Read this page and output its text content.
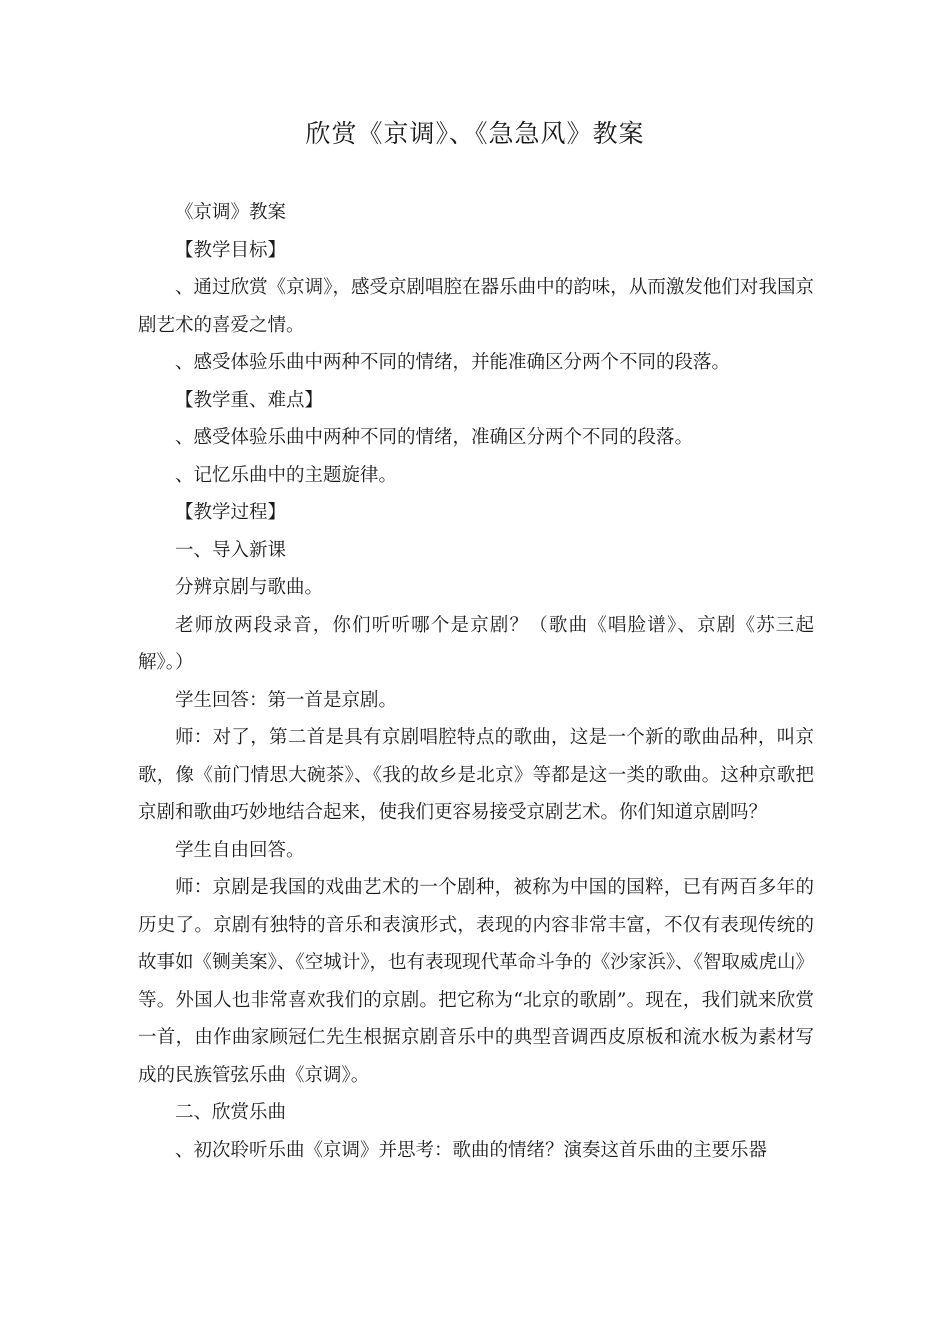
欣赏《京调》、《急急风》教案

《京调》教案

【教学目标】

、通过欣赏《京调》，感受京剧唱腔在器乐曲中的韵味，从而激发他们对我国京剧艺术的喜爱之情。

、感受体验乐曲中两种不同的情绪，并能准确区分两个不同的段落。

【教学重、难点】

、感受体验乐曲中两种不同的情绪，准确区分两个不同的段落。

、记忆乐曲中的主题旋律。

【教学过程】

一、导入新课

分辨京剧与歌曲。

老师放两段录音，你们听听哪个是京剧？（歌曲《唱脸谱》、京剧《苏三起解》。）

学生回答：第一首是京剧。

师：对了，第二首是具有京剧唱腔特点的歌曲，这是一个新的歌曲品种，叫京歌，像《前门情思大碗茶》、《我的故乡是北京》等都是这一类的歌曲。这种京歌把京剧和歌曲巧妙地结合起来，使我们更容易接受京剧艺术。你们知道京剧吗？

学生自由回答。

师：京剧是我国的戏曲艺术的一个剧种，被称为中国的国粹，已有两百多年的历史了。京剧有独特的音乐和表演形式，表现的内容非常丰富，不仅有表现传统的故事如《铡美案》、《空城计》，也有表现现代革命斗争的《沙家浜》、《智取威虎山》等。外国人也非常喜欢我们的京剧。把它称为“北京的歌剧”。现在，我们就来欣赏一首，由作曲家顾冠仁先生根据京剧音乐中的典型音调西皮原板和流水板为素材写成的民族管弦乐曲《京调》。

二、欣赏乐曲

、初次聆听乐曲《京调》并思考：歌曲的情绪？演奏这首乐曲的主要乐器
